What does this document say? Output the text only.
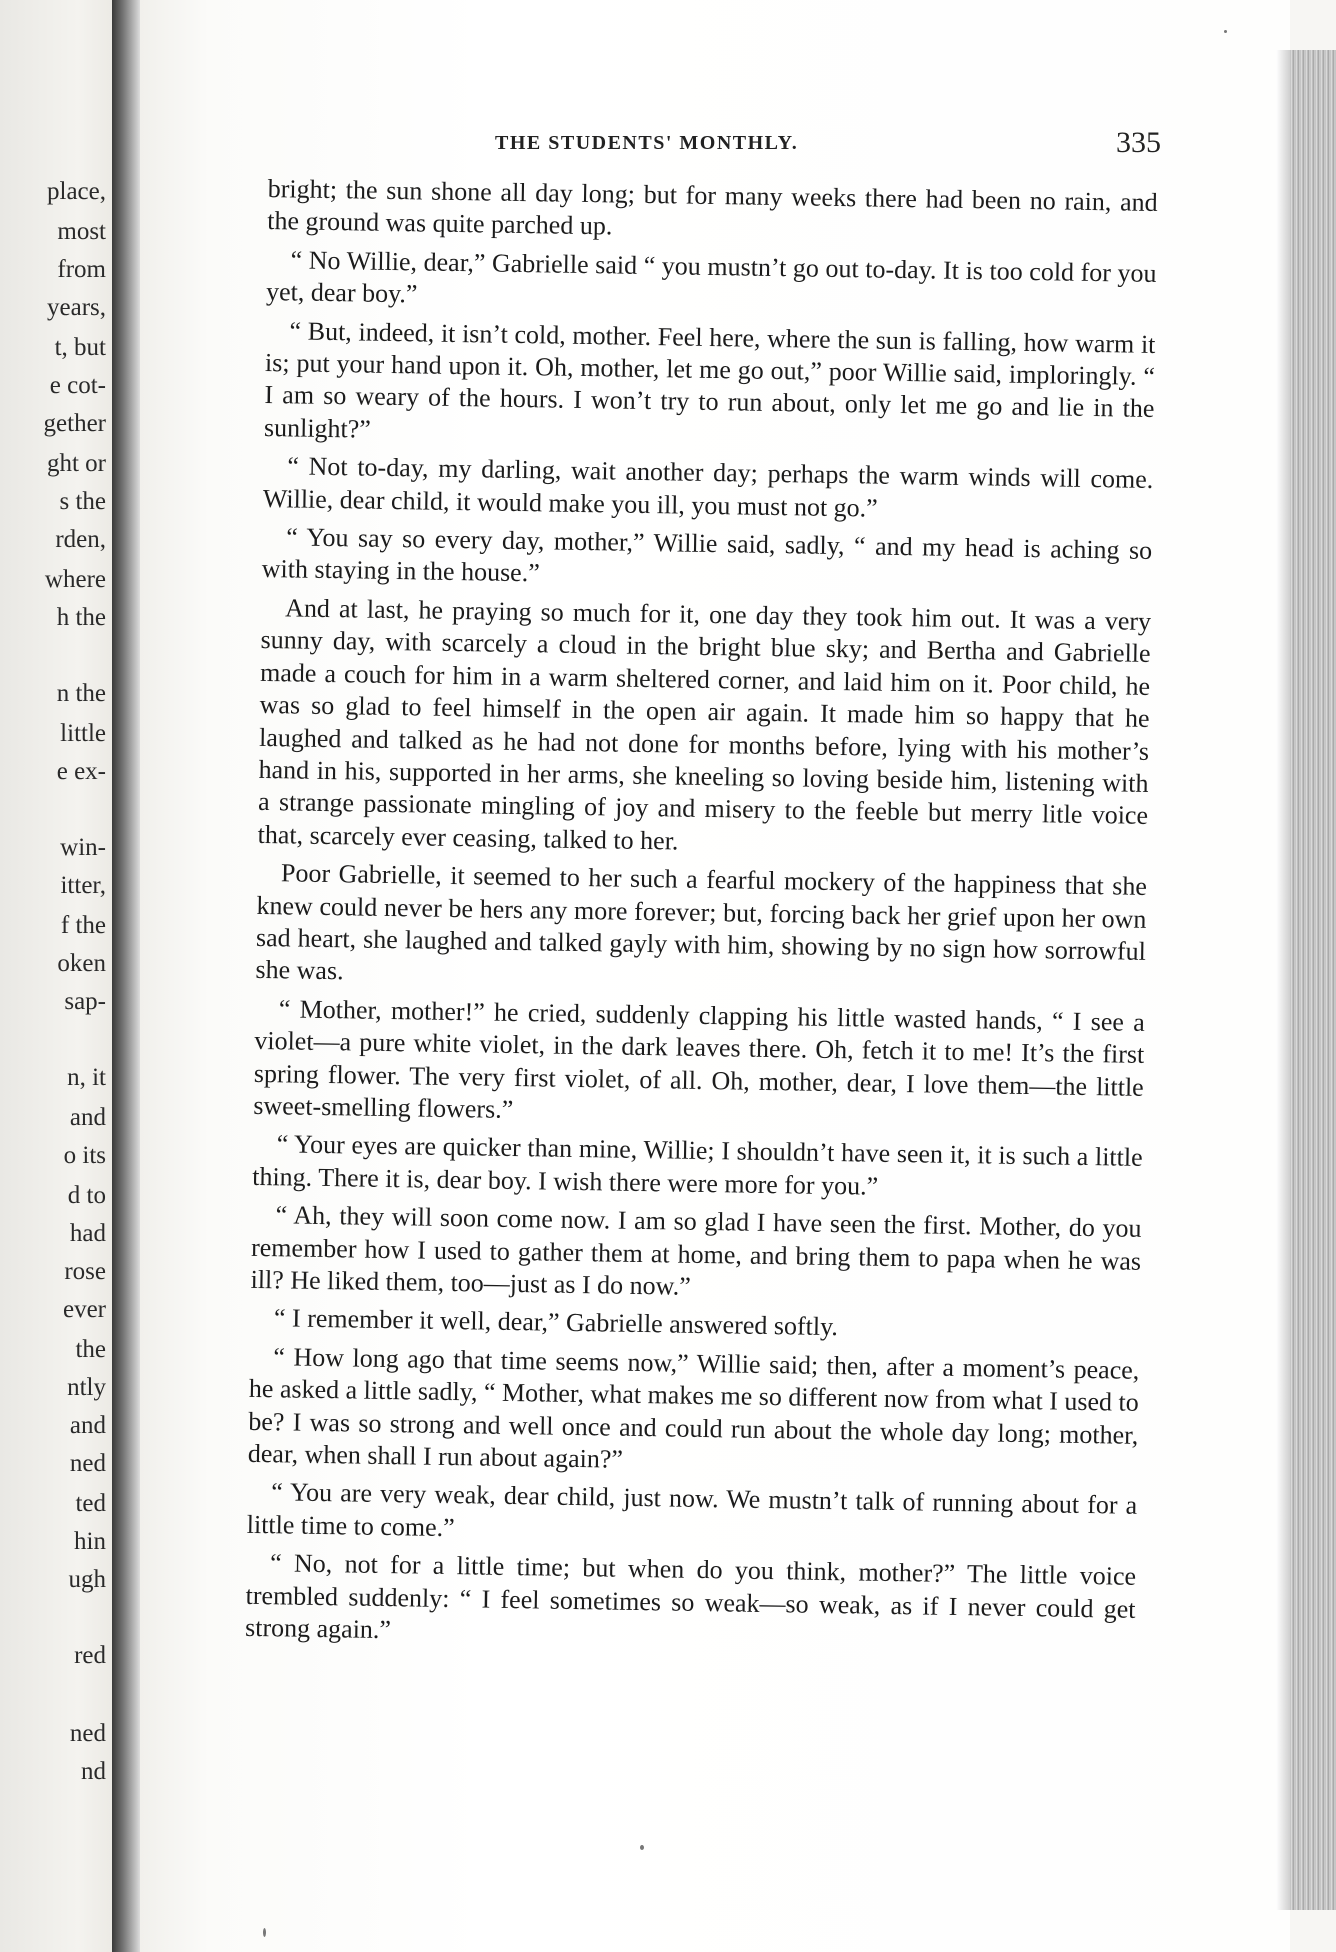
place,
most
from
years,
t, but
e cot-
gether
ght or
s the
rden,
where
h the
n the
little
e ex-
win-
itter,
f the
oken
sap-
n, it
and
o its
d to
had
rose
ever
the
ntly
and
ned
ted
hin
ugh
red
ned
nd
THE STUDENTS' MONTHLY.	335

bright; the sun shone all day long; but for many weeks there had been no rain, and the ground was quite parched up.

“ No Willie, dear,” Gabrielle said “ you mustn’t go out to-day. It is too cold for you yet, dear boy.”

“ But, indeed, it isn’t cold, mother. Feel here, where the sun is falling, how warm it is; put your hand upon it. Oh, mother, let me go out,” poor Willie said, imploringly. “ I am so weary of the hours. I won’t try to run about, only let me go and lie in the sunlight?”

“ Not to-day, my darling, wait another day; perhaps the warm winds will come. Willie, dear child, it would make you ill, you must not go.”

“ You say so every day, mother,” Willie said, sadly, “ and my head is aching so with staying in the house.”

And at last, he praying so much for it, one day they took him out. It was a very sunny day, with scarcely a cloud in the bright blue sky; and Bertha and Gabrielle made a couch for him in a warm sheltered corner, and laid him on it. Poor child, he was so glad to feel himself in the open air again. It made him so happy that he laughed and talked as he had not done for months before, lying with his mother’s hand in his, supported in her arms, she kneeling so loving beside him, listening with a strange passionate mingling of joy and misery to the feeble but merry litle voice that, scarcely ever ceasing, talked to her.

Poor Gabrielle, it seemed to her such a fearful mockery of the happiness that she knew could never be hers any more forever; but, forcing back her grief upon her own sad heart, she laughed and talked gayly with him, showing by no sign how sorrowful she was.

“ Mother, mother!” he cried, suddenly clapping his little wasted hands, “ I see a violet—a pure white violet, in the dark leaves there. Oh, fetch it to me! It’s the first spring flower. The very first violet, of all. Oh, mother, dear, I love them—the little sweet-smelling flowers.”

“ Your eyes are quicker than mine, Willie; I shouldn’t have seen it, it is such a little thing. There it is, dear boy. I wish there were more for you.”

“ Ah, they will soon come now. I am so glad I have seen the first. Mother, do you remember how I used to gather them at home, and bring them to papa when he was ill? He liked them, too—just as I do now.”

“ I remember it well, dear,” Gabrielle answered softly.

“ How long ago that time seems now,” Willie said; then, after a moment’s peace, he asked a little sadly, “ Mother, what makes me so different now from what I used to be? I was so strong and well once and could run about the whole day long; mother, dear, when shall I run about again?”

“ You are very weak, dear child, just now. We mustn’t talk of running about for a little time to come.”

“ No, not for a little time; but when do you think, mother?” The little voice trembled suddenly: “ I feel sometimes so weak—so weak, as if I never could get strong again.”
